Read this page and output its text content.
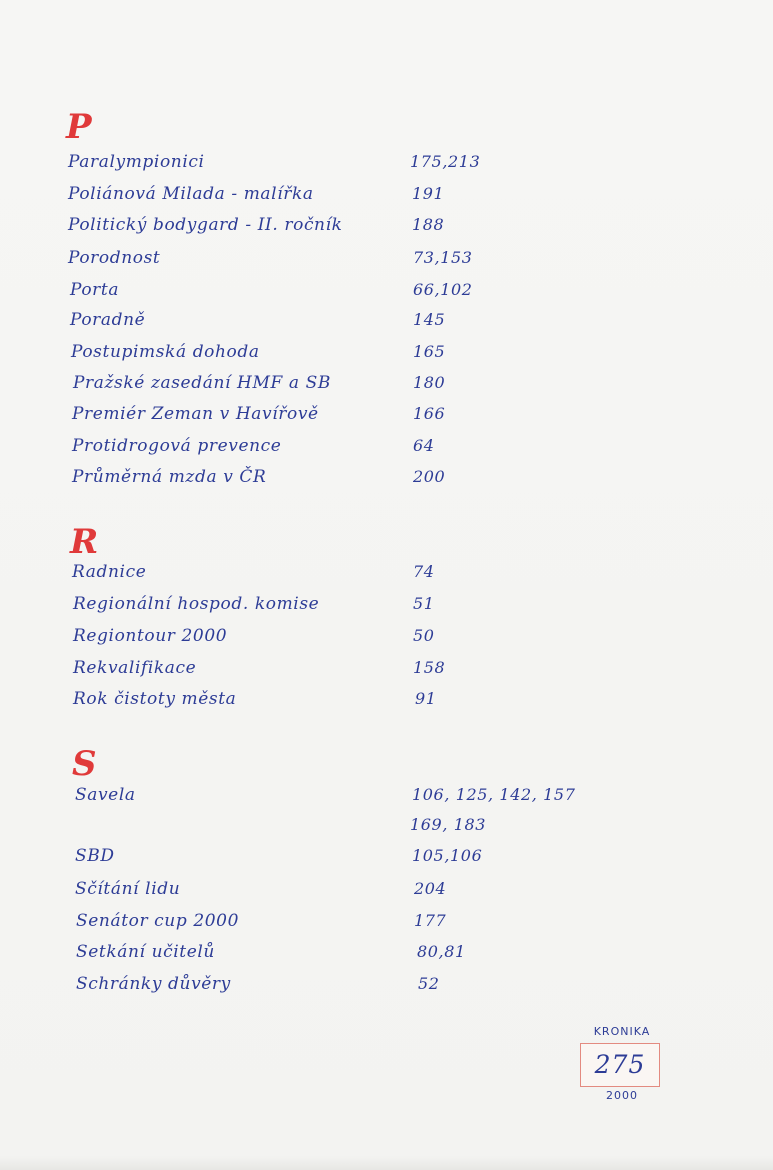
P
Paralympionici	175,213
Poliánová Milada - malířka	191
Politický bodygard - II. ročník	188
Porodnost	73,153
Porta	66,102
Poradně	145
Postupimská dohoda	165
Pražské zasedání HMF a SB	180
Premiér Zeman v Havířově	166
Protidrogová prevence	64
Průměrná mzda v ČR	200
R
Radnice	74
Regionální hospod. komise	51
Regiontour 2000	50
Rekvalifikace	158
Rok čistoty města	91
S
Savela	106, 125, 142, 157
169, 183
SBD	105,106
Sčítání lidu	204
Senátor cup 2000	177
Setkání učitelů	80,81
Schránky důvěry	52
KRONIKA
275
2000
